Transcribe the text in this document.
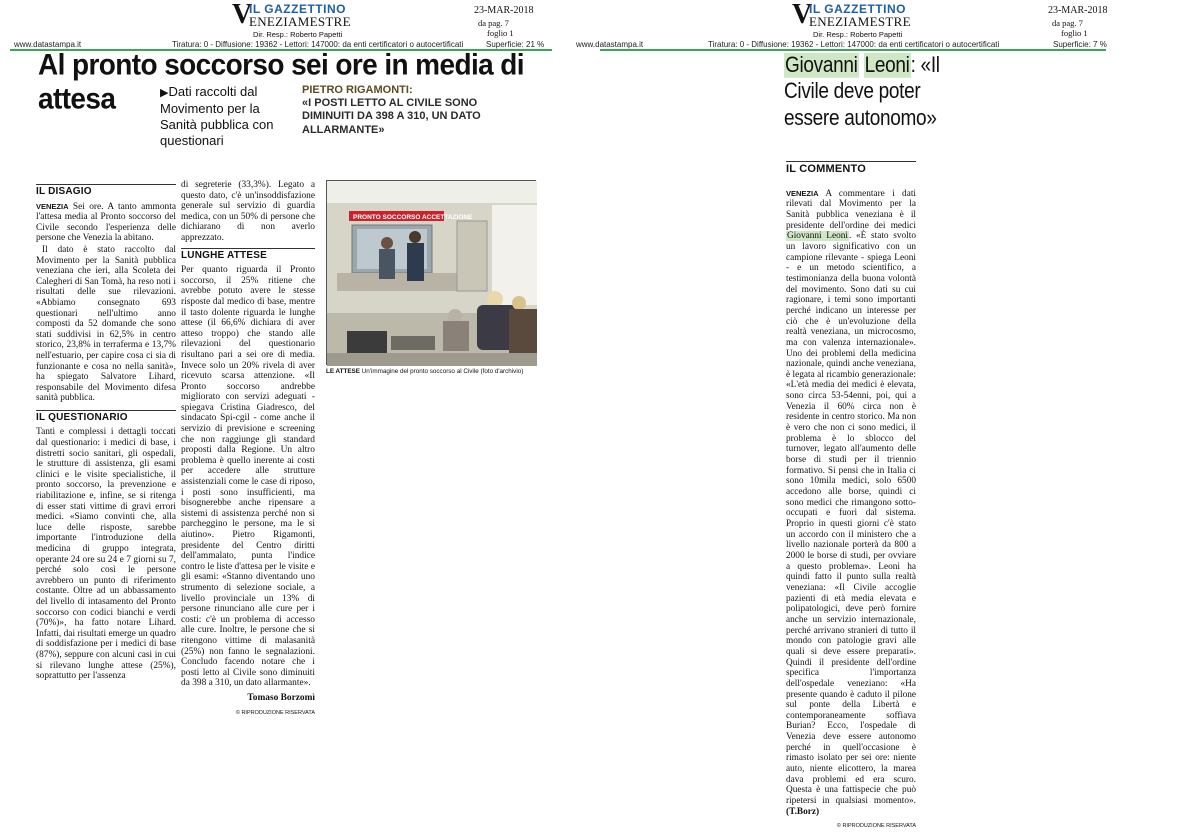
V
IL GAZZETTINO
ENEZIAMESTRE
Dir. Resp.: Roberto Papetti
23-MAR-2018
da pag. 7
foglio 1
www.datastampa.it	Tiratura: 0 - Diffusione: 19362 - Lettori: 147000: da enti certificatori o autocertificati	Superficie: 21 %
Al pronto soccorso sei ore in media di attesa	▶Dati raccolti dal Movimento per la Sanità pubblica con questionari
PIETRO RIGAMONTI:
«I POSTI LETTO AL CIVILE SONO DIMINUITI DA 398 A 310, UN DATO ALLARMANTE»
PRONTO SOCCORSO ACCETTAZIONE
LE ATTESE Un'immagine del pronto soccorso al Civile (foto d'archivio)
IL DISAGIO

VENEZIA Sei ore. A tanto ammonta l'attesa media al Pronto soccorso del Civile secondo l'esperienza delle persone che Venezia la abitano.

Il dato è stato raccolto dal Movimento per la Sanità pubblica veneziana che ieri, alla Scoleta dei Calegheri di San Tomà, ha reso noti i risultati delle sue rilevazioni. «Abbiamo consegnato 693 questionari nell'ultimo anno composti da 52 domande che sono stati suddivisi in 62,5% in centro storico, 23,8% in terraferma e 13,7% nell'estuario, per capire cosa ci sia di funzionante e cosa no nella sanità», ha spiegato Salvatore Lihard, responsabile del Movimento difesa sanità pubblica.

IL QUESTIONARIO

Tanti e complessi i dettagli toccati dal questionario: i medici di base, i distretti socio sanitari, gli ospedali, le strutture di assistenza, gli esami clinici e le visite specialistiche, il pronto soccorso, la prevenzione e riabilitazione e, infine, se si ritenga di esser stati vittime di gravi errori medici. «Siamo convinti che, alla luce delle risposte, sarebbe importante l'introduzione della medicina di gruppo integrata, operante 24 ore su 24 e 7 giorni su 7, perché solo così le persone avrebbero un punto di riferimento costante. Oltre ad un abbassamento del livello di intasamento del Pronto soccorso con codici bianchi e verdi (70%)», ha fatto notare Lihard. Infatti, dai risultati emerge un quadro di soddisfazione per i medici di base (87%), seppure con alcuni casi in cui si rilevano lunghe attese (25%), soprattutto per l'assenza

di segreterie (33,3%). Legato a questo dato, c'è un'insoddisfazione generale sul servizio di guardia medica, con un 50% di persone che dichiarano di non averlo apprezzato.

LUNGHE ATTESE

Per quanto riguarda il Pronto soccorso, il 25% ritiene che avrebbe potuto avere le stesse risposte dal medico di base, mentre il tasto dolente riguarda le lunghe attese (il 66,6% dichiara di aver atteso troppo) che stando alle rilevazioni del questionario risultano pari a sei ore di media. Invece solo un 20% rivela di aver ricevuto scarsa attenzione. «Il Pronto soccorso andrebbe migliorato con servizi adeguati - spiegava Cristina Giadresco, del sindacato Spi-cgil - come anche il servizio di previsione e screening che non raggiunge gli standard proposti dalla Regione. Un altro problema è quello inerente ai costi per accedere alle strutture assistenziali come le case di riposo, i posti sono insufficienti, ma bisognerebbe anche ripensare a sistemi di assistenza perché non si parcheggino le persone, ma le si aiutino». Pietro Rigamonti, presidente del Centro diritti dell'ammalato, punta l'indice contro le liste d'attesa per le visite e gli esami: «Stanno diventando uno strumento di selezione sociale, a livello provinciale un 13% di persone rinunciano alle cure per i costi: c'è un problema di accesso alle cure. Inoltre, le persone che si ritengono vittime di malasanità (25%) non fanno le segnalazioni. Concludo facendo notare che i posti letto al Civile sono diminuiti da 398 a 310, un dato allarmante».

Tomaso Borzomì
© RIPRODUZIONE RISERVATA
V
IL GAZZETTINO
ENEZIAMESTRE
Dir. Resp.: Roberto Papetti
23-MAR-2018
da pag. 7
foglio 1
www.datastampa.it	Tiratura: 0 - Diffusione: 19362 - Lettori: 147000: da enti certificatori o autocertificati	Superficie: 7 %
Giovanni Leoni: «Il Civile deve poter essere autonomo»
IL COMMENTO

VENEZIA A commentare i dati rilevati dal Movimento per la Sanità pubblica veneziana è il presidente dell'ordine dei medici Giovanni Leoni. «È stato svolto un lavoro significativo con un campione rilevante - spiega Leoni - e un metodo scientifico, a testimonianza della buona volontà del movimento. Sono dati su cui ragionare, i temi sono importanti perché indicano un interesse per ciò che è un'evoluzione della realtà veneziana, un microcosmo, ma con valenza internazionale». Uno dei problemi della medicina nazionale, quindi anche veneziana, è legata al ricambio generazionale: «L'età media dei medici è elevata, sono circa 53-54enni, poi, qui a Venezia il 60% circa non è residente in centro storico. Ma non è vero che non ci sono medici, il problema è lo sblocco del turnover, legato all'aumento delle borse di studi per il triennio formativo. Si pensi che in Italia ci sono 10mila medici, solo 6500 accedono alle borse, quindi ci sono medici che rimangono sotto-occupati e fuori dal sistema. Proprio in questi giorni c'è stato un accordo con il ministero che a livello nazionale porterà da 800 a 2000 le borse di studi, per ovviare a questo problema». Leoni ha quindi fatto il punto sulla realtà veneziana: «Il Civile accoglie pazienti di età media elevata e polipatologici, deve però fornire anche un servizio internazionale, perché arrivano stranieri di tutto il mondo con patologie gravi alle quali si deve essere preparati». Quindi il presidente dell'ordine specifica l'importanza dell'ospedale veneziano: «Ha presente quando è caduto il pilone sul ponte della Libertà e contemporaneamente soffiava Burian? Ecco, l'ospedale di Venezia deve essere autonomo perché in quell'occasione è rimasto isolato per sei ore: niente auto, niente elicottero, la marea dava problemi ed era scuro. Questa è una fattispecie che può ripetersi in qualsiasi momento». (T.Borz)

© RIPRODUZIONE RISERVATA
